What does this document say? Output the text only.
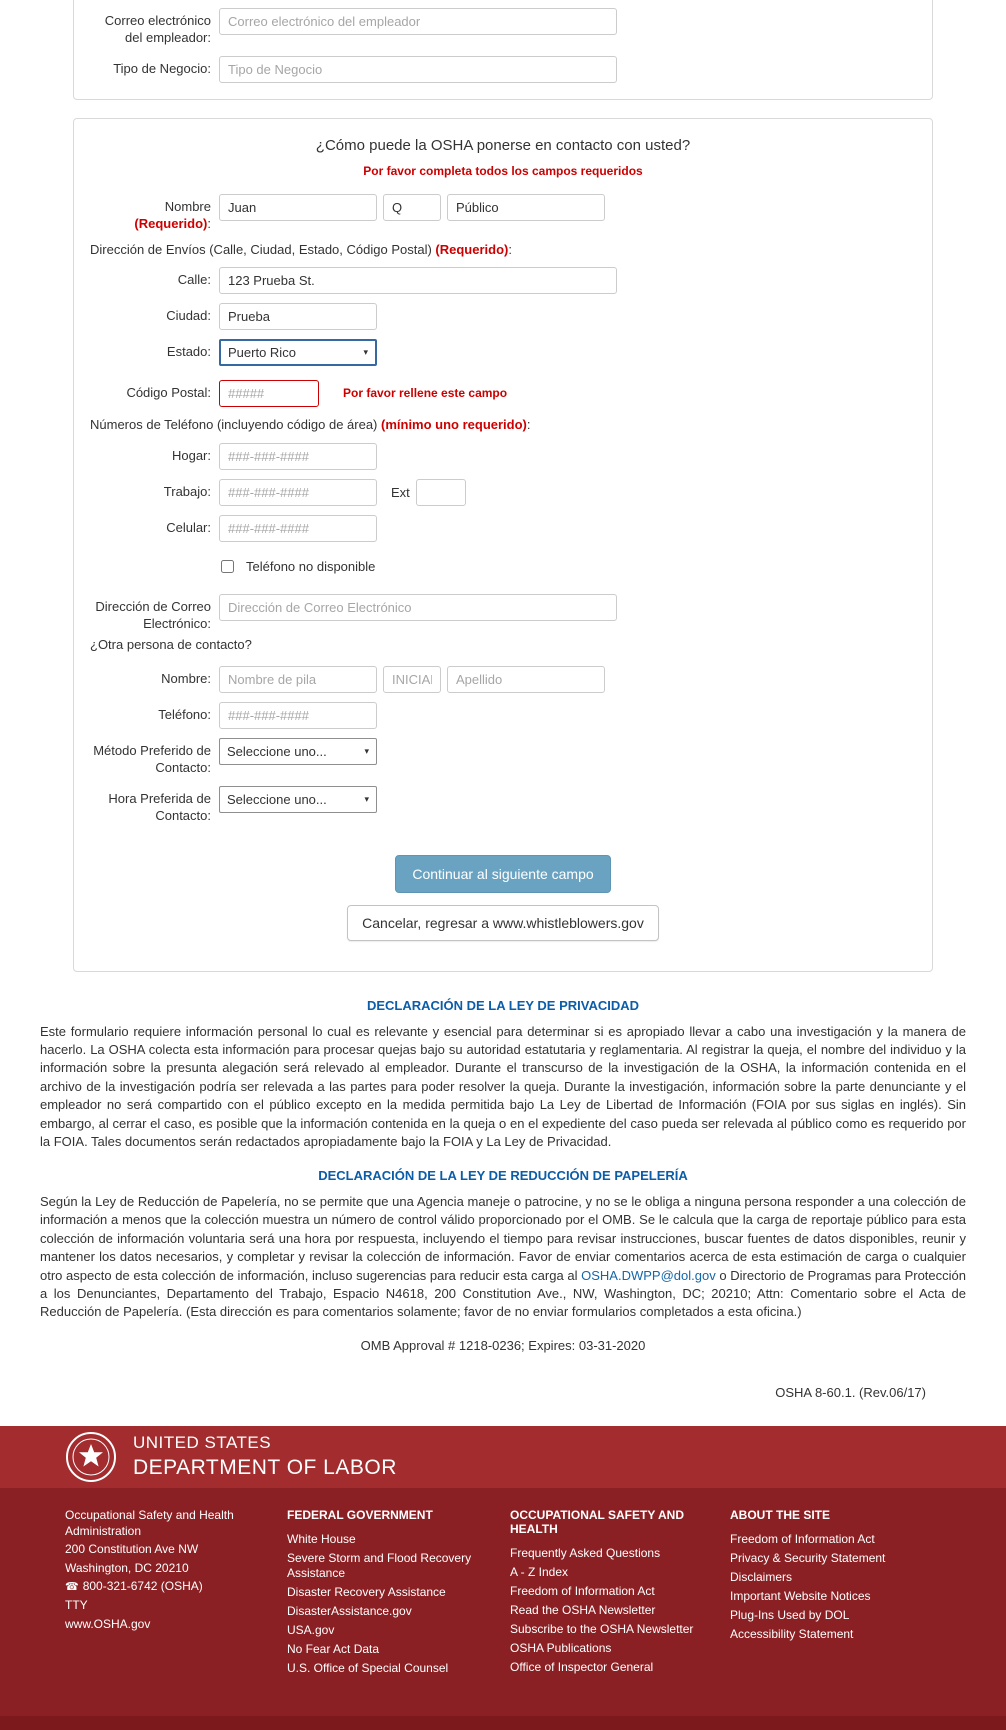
Correo electrónico del empleador:
Correo electrónico del empleador
Tipo de Negocio:
Tipo de Negocio
¿Cómo puede la OSHA ponerse en contacto con usted?
Por favor completa todos los campos requeridos
Nombre (Requerido):
Juan
Q
Público
Dirección de Envíos (Calle, Ciudad, Estado, Código Postal) (Requerido):
Calle:
123 Prueba St.
Ciudad:
Prueba
Estado:	Puerto Rico	▾
Código Postal:
#####	Por favor rellene este campo
Números de Teléfono (incluyendo código de área) (mínimo uno requerido):
Hogar:
###-###-####
Trabajo:
###-###-####	Ext
Celular:
###-###-####
Teléfono no disponible
Dirección de Correo Electrónico:
Dirección de Correo Electrónico
¿Otra persona de contacto?
Nombre:
Nombre de pila
INICIAL
Apellido
Teléfono:
###-###-####
Método Preferido de Contacto:
Seleccione uno...	▾
Hora Preferida de Contacto:
Seleccione uno...	▾
Continuar al siguiente campo
Cancelar, regresar a www.whistleblowers.gov
DECLARACIÓN DE LA LEY DE PRIVACIDAD

Este formulario requiere información personal lo cual es relevante y esencial para determinar si es apropiado llevar a cabo una investigación y la manera de hacerlo. La OSHA colecta esta información para procesar quejas bajo su autoridad estatutaria y reglamentaria. Al registrar la queja, el nombre del individuo y la información sobre la presunta alegación será relevado al empleador. Durante el transcurso de la investigación de la OSHA, la información contenida en el archivo de la investigación podría ser relevada a las partes para poder resolver la queja. Durante la investigación, información sobre la parte denunciante y el empleador no será compartido con el público excepto en la medida permitida bajo La Ley de Libertad de Información (FOIA por sus siglas en inglés). Sin embargo, al cerrar el caso, es posible que la información contenida en la queja o en el expediente del caso pueda ser relevada al público como es requerido por la FOIA. Tales documentos serán redactados apropiadamente bajo la FOIA y La Ley de Privacidad.

DECLARACIÓN DE LA LEY DE REDUCCIÓN DE PAPELERÍA

Según la Ley de Reducción de Papelería, no se permite que una Agencia maneje o patrocine, y no se le obliga a ninguna persona responder a una colección de información a menos que la colección muestra un número de control válido proporcionado por el OMB. Se le calcula que la carga de reportaje público para esta colección de información voluntaria será una hora por respuesta, incluyendo el tiempo para revisar instrucciones, buscar fuentes de datos disponibles, reunir y mantener los datos necesarios, y completar y revisar la colección de información. Favor de enviar comentarios acerca de esta estimación de carga o cualquier otro aspecto de esta colección de información, incluso sugerencias para reducir esta carga al OSHA.DWPP@dol.gov o Directorio de Programas para Protección a los Denunciantes, Departamento del Trabajo, Espacio N4618, 200 Constitution Ave., NW, Washington, DC; 20210; Attn: Comentario sobre el Acta de Reducción de Papelería. (Esta dirección es para comentarios solamente; favor de no enviar formularios completados a esta oficina.)

OMB Approval # 1218-0236; Expires: 03-31-2020
OSHA 8-60.1. (Rev.06/17)
UNITED STATES
DEPARTMENT OF LABOR
Occupational Safety and Health Administration
200 Constitution Ave NW
Washington, DC 20210
☎ 800-321-6742 (OSHA)
TTY
www.OSHA.gov
FEDERAL GOVERNMENT
White House
Severe Storm and Flood Recovery Assistance
Disaster Recovery Assistance
DisasterAssistance.gov
USA.gov
No Fear Act Data
U.S. Office of Special Counsel
OCCUPATIONAL SAFETY AND HEALTH
Frequently Asked Questions
A - Z Index
Freedom of Information Act
Read the OSHA Newsletter
Subscribe to the OSHA Newsletter
OSHA Publications
Office of Inspector General
ABOUT THE SITE
Freedom of Information Act
Privacy & Security Statement
Disclaimers
Important Website Notices
Plug-Ins Used by DOL
Accessibility Statement
